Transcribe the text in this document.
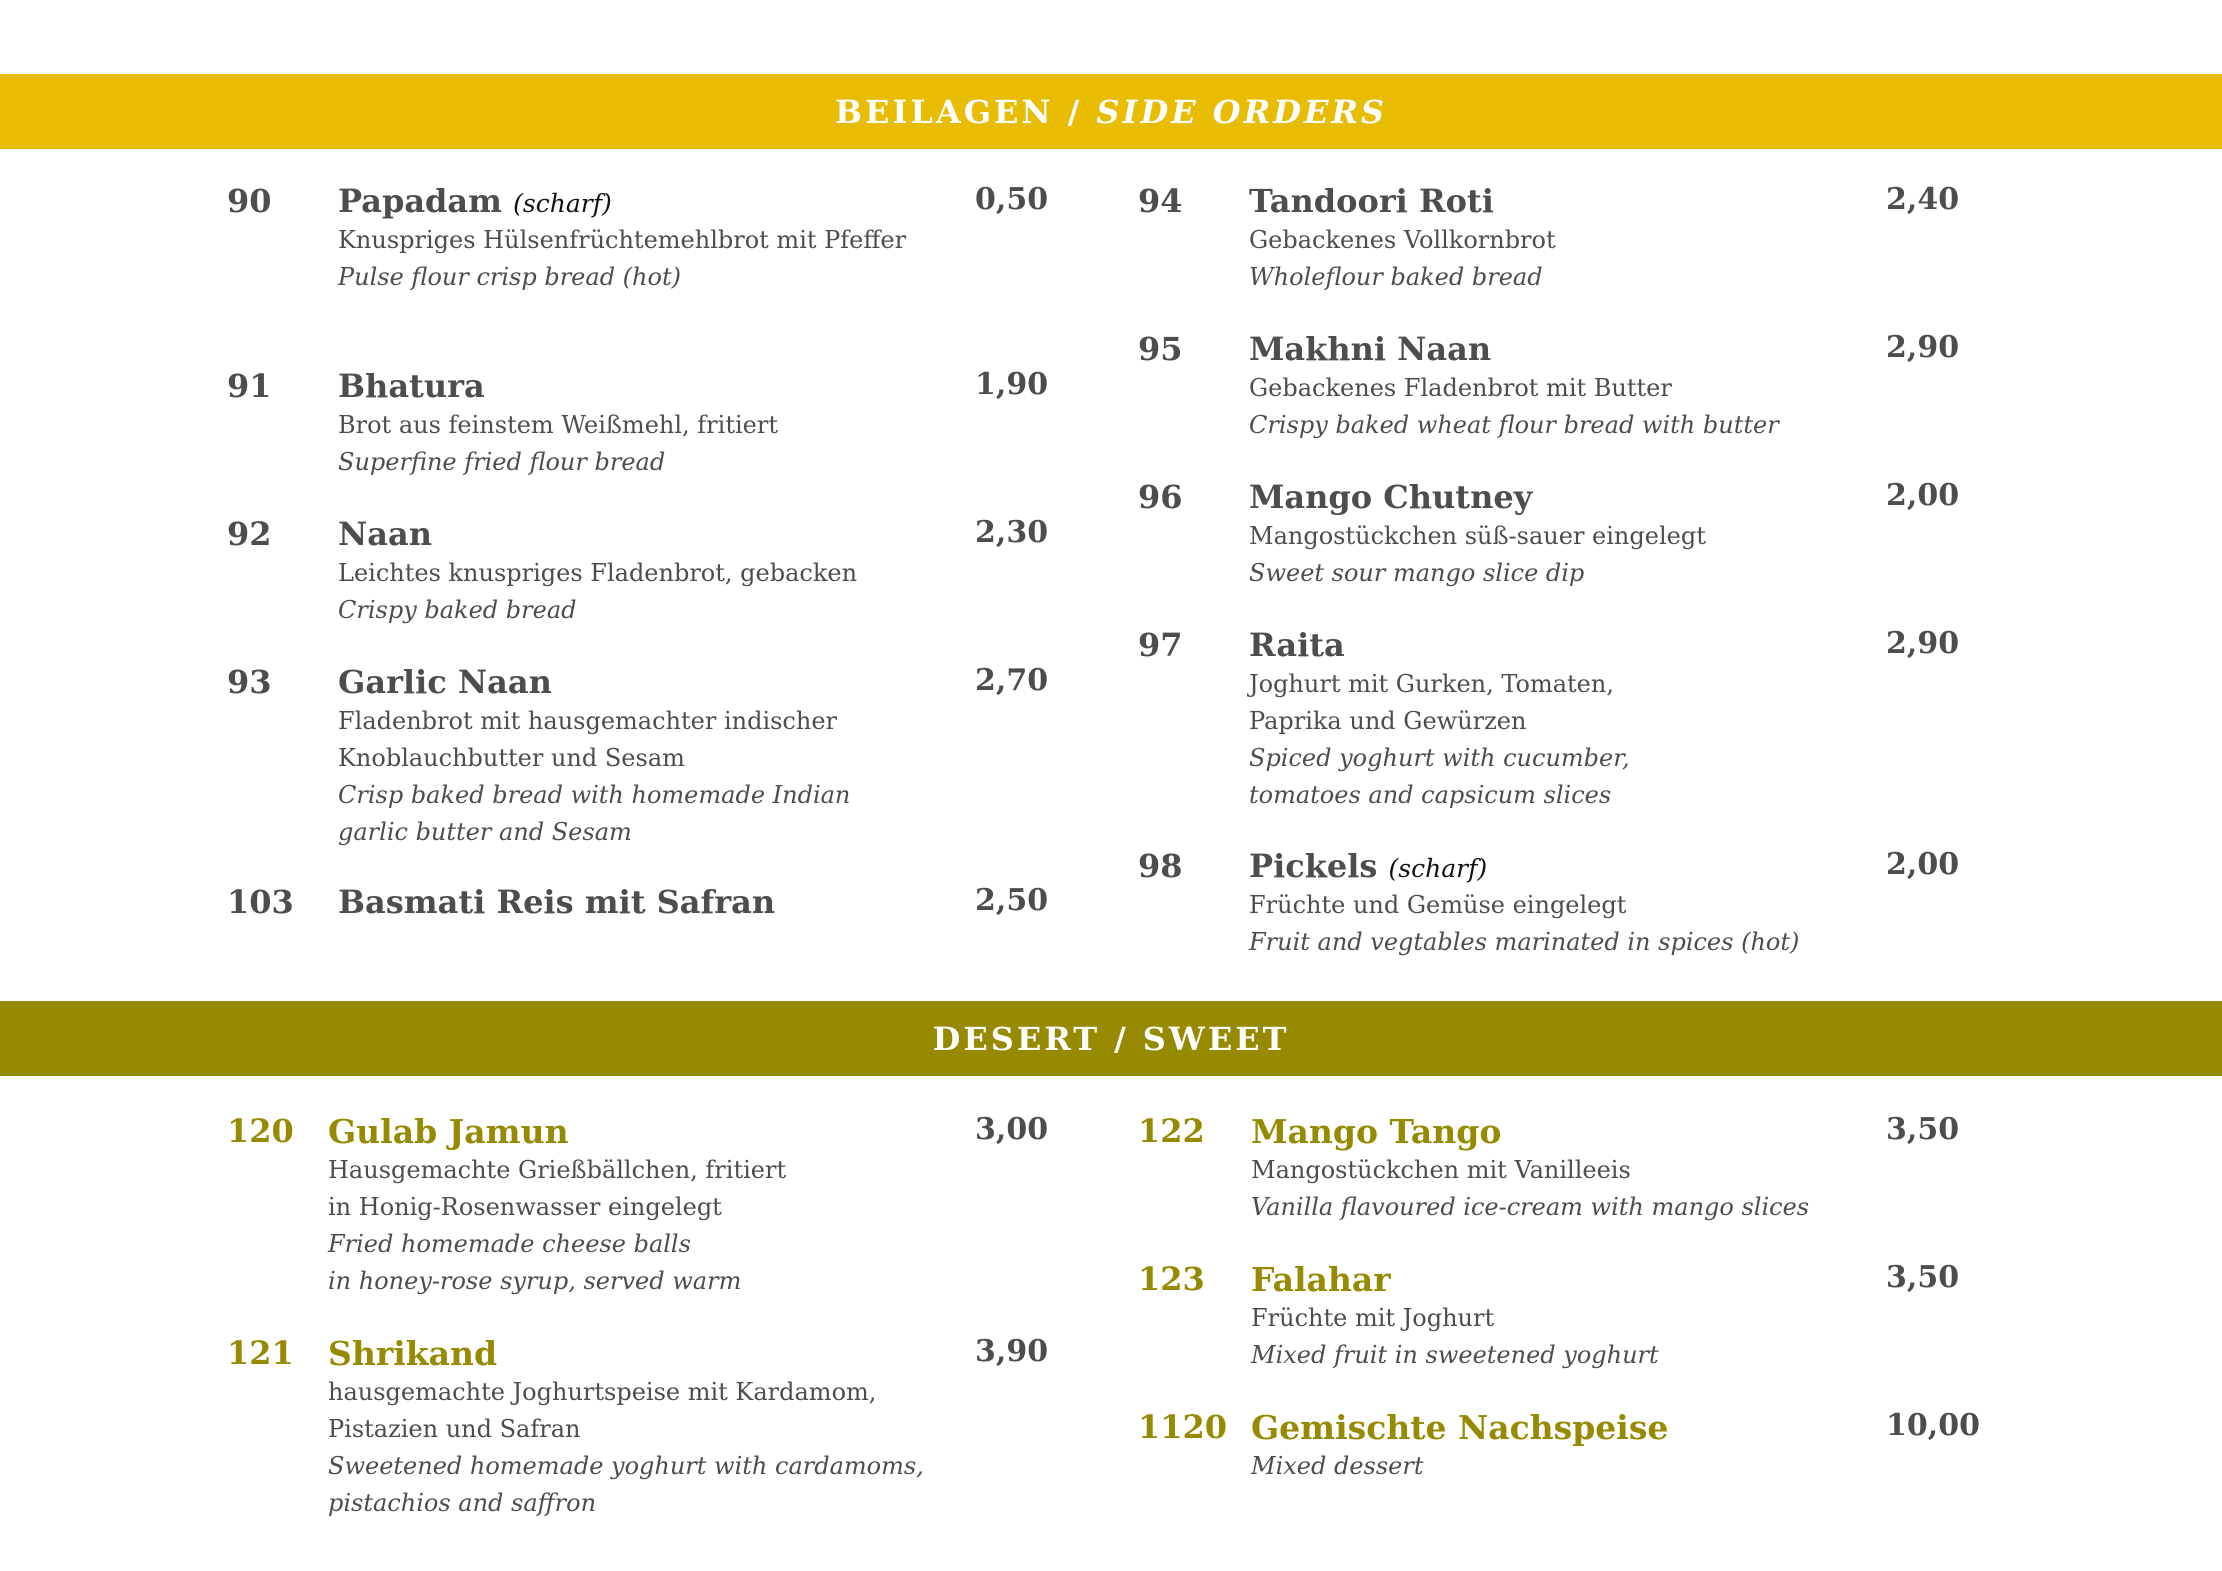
BEILAGEN / SIDE ORDERS
90 Papadam (scharf)	0,50
Knuspriges Hülsenfrüchtemehlbrot mit Pfeffer
Pulse flour crisp bread (hot)
91 Bhatura	1,90
Brot aus feinstem Weißmehl, fritiert
Superfine fried flour bread
92 Naan	2,30
Leichtes knuspriges Fladenbrot, gebacken
Crispy baked bread
93 Garlic Naan	2,70
Fladenbrot mit hausgemachter indischer
Knoblauchbutter und Sesam
Crisp baked bread with homemade Indian
garlic butter and Sesam
103 Basmati Reis mit Safran	2,50
94 Tandoori Roti	2,40
Gebackenes Vollkornbrot
Wholeflour baked bread
95 Makhni Naan	2,90
Gebackenes Fladenbrot mit Butter
Crispy baked wheat flour bread with butter
96 Mango Chutney	2,00
Mangostückchen süß-sauer eingelegt
Sweet sour mango slice dip
97 Raita	2,90
Joghurt mit Gurken, Tomaten,
Paprika und Gewürzen
Spiced yoghurt with cucumber,
tomatoes and capsicum slices
98 Pickels (scharf)	2,00
Früchte und Gemüse eingelegt
Fruit and vegtables marinated in spices (hot)
DESERT / SWEET
120 Gulab Jamun	3,00
Hausgemachte Grießbällchen, fritiert
in Honig-Rosenwasser eingelegt
Fried homemade cheese balls
in honey-rose syrup, served warm
121 Shrikand	3,90
hausgemachte Joghurtspeise mit Kardamom,
Pistazien und Safran
Sweetened homemade yoghurt with cardamoms,
pistachios and saffron
122 Mango Tango	3,50
Mangostückchen mit Vanilleeis
Vanilla flavoured ice-cream with mango slices
123 Falahar	3,50
Früchte mit Joghurt
Mixed fruit in sweetened yoghurt
1120 Gemischte Nachspeise	10,00
Mixed dessert
